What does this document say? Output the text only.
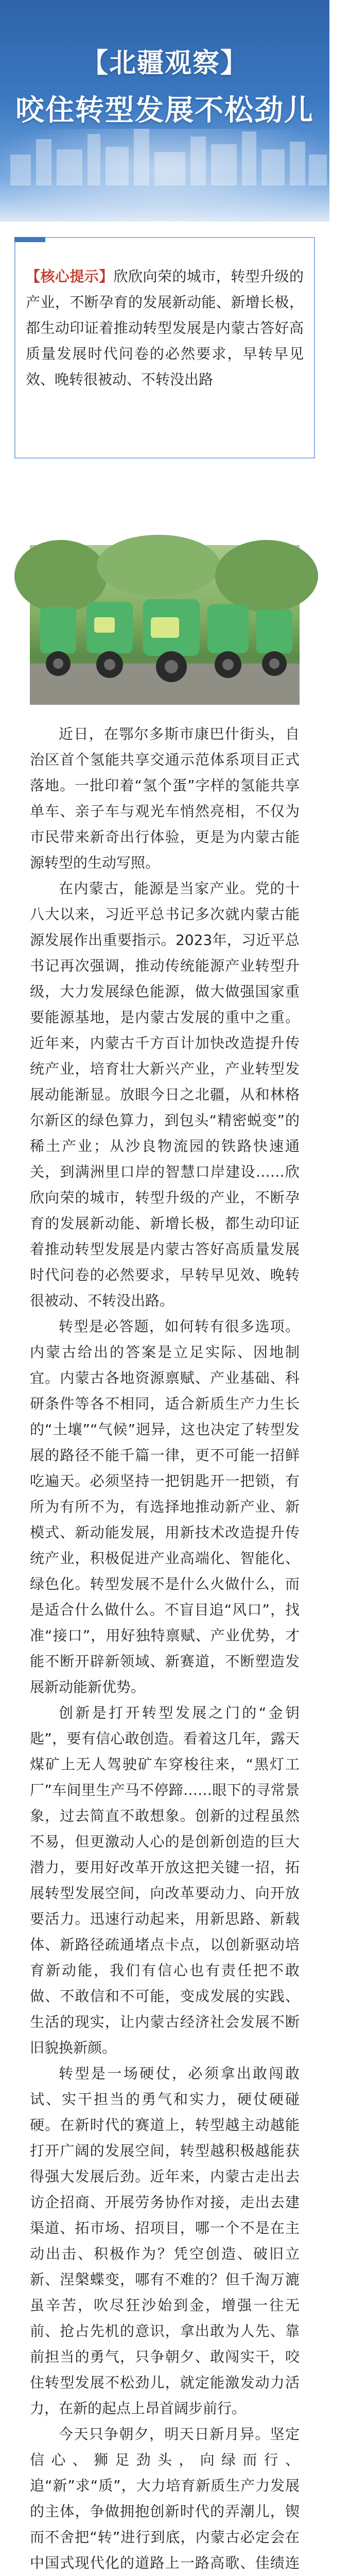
【北疆观察】
咬住转型发展不松劲儿
【核心提示】欣欣向荣的城市，转型升级的产业，不断孕育的发展新动能、新增长极，都生动印证着推动转型发展是内蒙古答好高质量发展时代问卷的必然要求，早转早见效、晚转很被动、不转没出路

近日，在鄂尔多斯市康巴什街头，自治区首个氢能共享交通示范体系项目正式落地。一批印着“氢个蛋”字样的氢能共享单车、亲子车与观光车悄然亮相，不仅为市民带来新奇出行体验，更是为内蒙古能源转型的生动写照。

在内蒙古，能源是当家产业。党的十八大以来，习近平总书记多次就内蒙古能源发展作出重要指示。2023年，习近平总书记再次强调，推动传统能源产业转型升级，大力发展绿色能源，做大做强国家重要能源基地，是内蒙古发展的重中之重。近年来，内蒙古千方百计加快改造提升传统产业，培育壮大新兴产业，产业转型发展动能渐显。放眼今日之北疆，从和林格尔新区的绿色算力，到包头“精密蜕变”的稀土产业；从沙良物流园的铁路快速通关，到满洲里口岸的智慧口岸建设……欣欣向荣的城市，转型升级的产业，不断孕育的发展新动能、新增长极，都生动印证着推动转型发展是内蒙古答好高质量发展时代问卷的必然要求，早转早见效、晚转很被动、不转没出路。

转型是必答题，如何转有很多选项。内蒙古给出的答案是立足实际、因地制宜。内蒙古各地资源禀赋、产业基础、科研条件等各不相同，适合新质生产力生长的“土壤”“气候”迥异，这也决定了转型发展的路径不能千篇一律，更不可能一招鲜吃遍天。必须坚持一把钥匙开一把锁，有所为有所不为，有选择地推动新产业、新模式、新动能发展，用新技术改造提升传统产业，积极促进产业高端化、智能化、绿色化。转型发展不是什么火做什么，而是适合什么做什么。不盲目追“风口”，找准“接口”，用好独特禀赋、产业优势，才能不断开辟新领域、新赛道，不断塑造发展新动能新优势。

创新是打开转型发展之门的“金钥匙”，要有信心敢创造。看着这几年，露天煤矿上无人驾驶矿车穿梭往来，“黑灯工厂”车间里生产马不停蹄……眼下的寻常景象，过去简直不敢想象。创新的过程虽然不易，但更激动人心的是创新创造的巨大潜力，要用好改革开放这把关键一招，拓展转型发展空间，向改革要动力、向开放要活力。迅速行动起来，用新思路、新载体、新路径疏通堵点卡点，以创新驱动培育新动能，我们有信心也有责任把不敢做、不敢信和不可能，变成发展的实践、生活的现实，让内蒙古经济社会发展不断旧貌换新颜。

转型是一场硬仗，必须拿出敢闯敢试、实干担当的勇气和实力，硬仗硬碰硬。在新时代的赛道上，转型越主动越能打开广阔的发展空间，转型越积极越能获得强大发展后劲。近年来，内蒙古走出去访企招商、开展劳务协作对接，走出去建渠道、拓市场、招项目，哪一个不是在主动出击、积极作为？凭空创造、破旧立新、涅槃蝶变，哪有不难的？但千淘万漉虽辛苦，吹尽狂沙始到金，增强一往无前、抢占先机的意识，拿出敢为人先、靠前担当的勇气，只争朝夕、敢闯实干，咬住转型发展不松劲儿，就定能激发动力活力，在新的起点上昂首阔步前行。

今天只争朝夕，明天日新月异。坚定信心、狮足劲头，向绿而行、追“新”求“质”，大力培育新质生产力发展的主体，争做拥抱创新时代的弄潮儿，锲而不舍把“转”进行到底，内蒙古必定会在中国式现代化的道路上一路高歌、佳绩连
